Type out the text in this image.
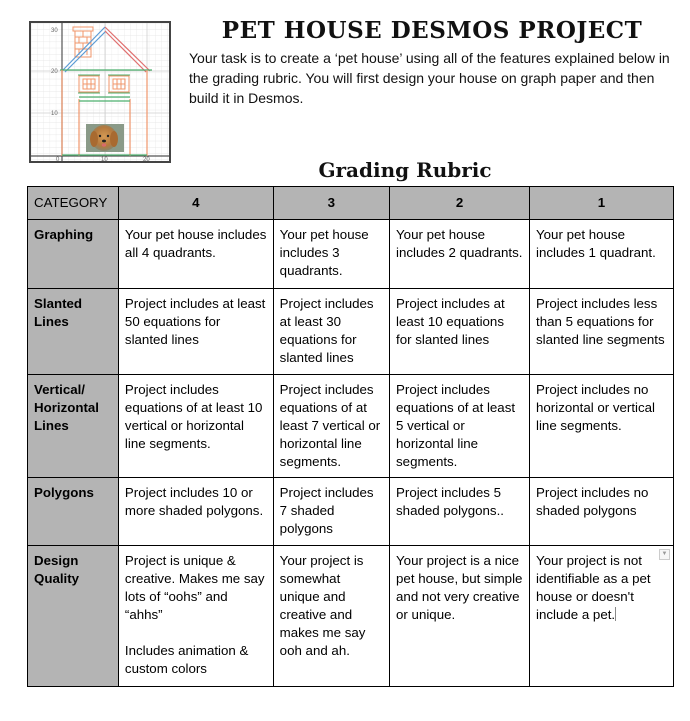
30
20
10
0	10	20
PET HOUSE DESMOS PROJECT
Your task is to create a ‘pet house’ using all of the features explained below in the grading rubric. You will first design your house on graph paper and then build it in Desmos.
Grading Rubric
CATEGORY	4	3	2	1
Graphing	Your pet house includes all 4 quadrants.	Your pet house includes 3 quadrants.	Your pet house includes 2 quadrants.	Your pet house includes 1 quadrant.
Slanted Lines	Project includes at least 50 equations for slanted lines	Project includes at least 30 equations for slanted lines	Project includes at least 10 equations for slanted lines	Project includes less than 5 equations for slanted line segments
Vertical/ Horizontal Lines	Project includes equations of at least 10 vertical or horizontal line segments.	Project includes equations of at least 7 vertical or horizontal line segments.	Project includes equations of at least 5 vertical or horizontal line segments.	Project includes no horizontal or vertical line segments.
Polygons	Project includes 10 or more shaded polygons.	Project includes 7 shaded polygons	Project includes 5 shaded polygons..	Project includes no shaded polygons
Design Quality	Project is unique & creative. Makes me say lots of “oohs” and “ahhs”
Includes animation & custom colors	Your project is somewhat unique and creative and makes me say ooh and ah.	Your project is a nice pet house, but simple and not very creative or unique.	Your project is not identifiable as a pet house or doesn't include a pet.
▼
